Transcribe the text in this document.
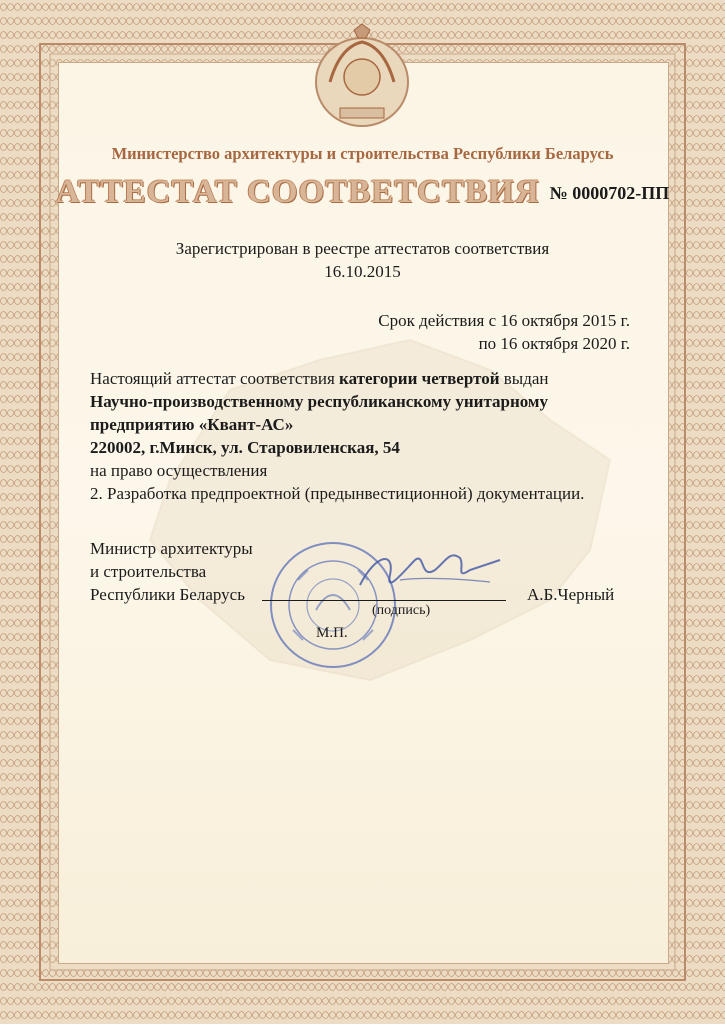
Министерство архитектуры и строительства Республики Беларусь
АТТЕСТАТ СООТВЕТСТВИЯ № 0000702-ПП
Зарегистрирован в реестре аттестатов соответствия
16.10.2015
Срок действия с 16 октября 2015 г.
по 16 октября 2020 г.
Настоящий аттестат соответствия категории четвертой выдан
Научно-производственному республиканскому унитарному
предприятию «Квант-АС»
220002, г.Минск, ул. Старовиленская, 54
на право осуществления
2. Разработка предпроектной (предынвестиционной) документации.
Министр архитектуры
и строительства
Республики Беларусь
(подпись)
М.П.
А.Б.Черный
